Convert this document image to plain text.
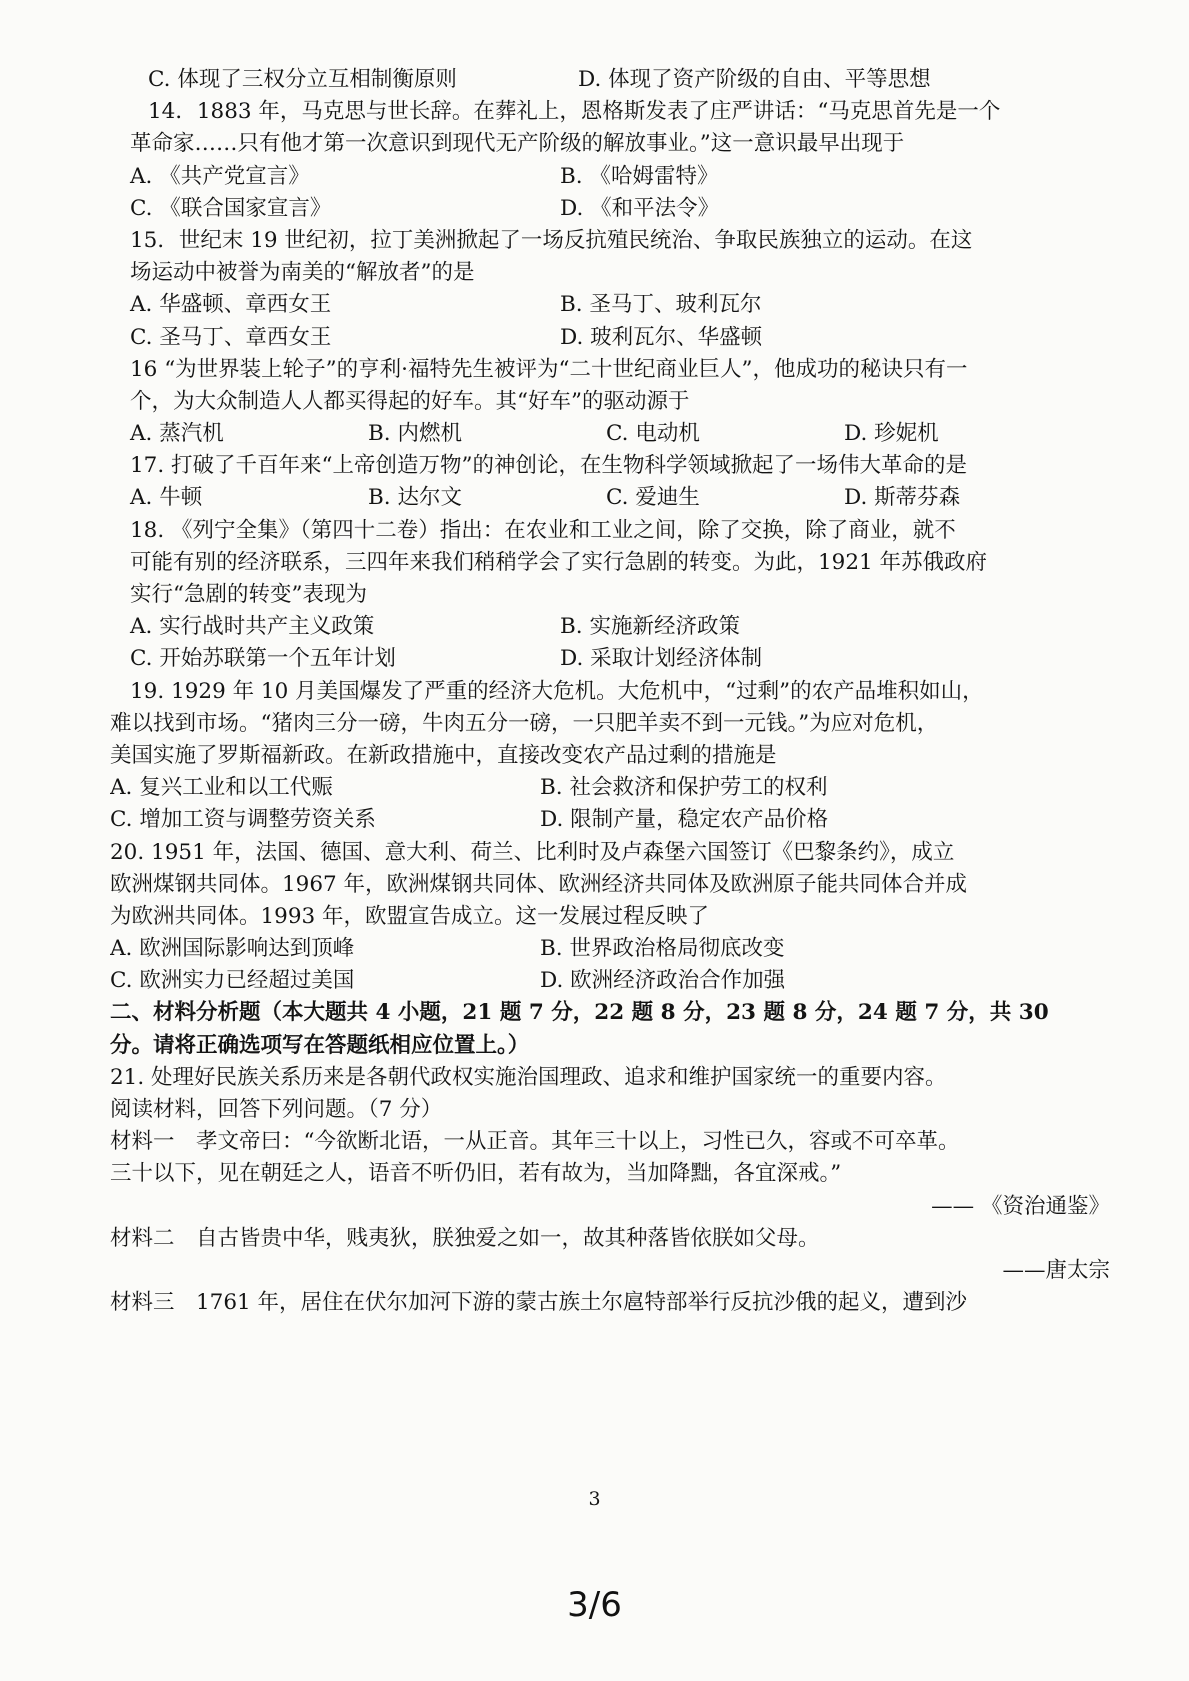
C. 体现了三权分立互相制衡原则	D. 体现了资产阶级的自由、平等思想
14．1883 年，马克思与世长辞。在葬礼上，恩格斯发表了庄严讲话：“马克思首先是一个
革命家……只有他才第一次意识到现代无产阶级的解放事业。”这一意识最早出现于
A. 《共产党宣言》	B. 《哈姆雷特》
C. 《联合国家宣言》	D. 《和平法令》
15．世纪末 19 世纪初，拉丁美洲掀起了一场反抗殖民统治、争取民族独立的运动。在这
场运动中被誉为南美的“解放者”的是
A. 华盛顿、章西女王	B. 圣马丁、玻利瓦尔
C. 圣马丁、章西女王	D. 玻利瓦尔、华盛顿
16 “为世界装上轮子”的亨利·福特先生被评为“二十世纪商业巨人”，他成功的秘诀只有一
个，为大众制造人人都买得起的好车。其“好车”的驱动源于
A. 蒸汽机	B. 内燃机	C. 电动机	D. 珍妮机
17. 打破了千百年来“上帝创造万物”的神创论，在生物科学领域掀起了一场伟大革命的是
A. 牛顿	B. 达尔文	C. 爱迪生	D. 斯蒂芬森
18. 《列宁全集》（第四十二卷）指出：在农业和工业之间，除了交换，除了商业，就不
可能有别的经济联系，三四年来我们稍稍学会了实行急剧的转变。为此，1921 年苏俄政府
实行“急剧的转变”表现为
A. 实行战时共产主义政策	B. 实施新经济政策
C. 开始苏联第一个五年计划	D. 采取计划经济体制
19. 1929 年 10 月美国爆发了严重的经济大危机。大危机中，“过剩”的农产品堆积如山，
难以找到市场。“猪肉三分一磅，牛肉五分一磅，一只肥羊卖不到一元钱。”为应对危机，
美国实施了罗斯福新政。在新政措施中，直接改变农产品过剩的措施是
A. 复兴工业和以工代赈	B. 社会救济和保护劳工的权利
C. 增加工资与调整劳资关系	D. 限制产量，稳定农产品价格
20. 1951 年，法国、德国、意大利、荷兰、比利时及卢森堡六国签订《巴黎条约》，成立
欧洲煤钢共同体。1967 年，欧洲煤钢共同体、欧洲经济共同体及欧洲原子能共同体合并成
为欧洲共同体。1993 年，欧盟宣告成立。这一发展过程反映了
A. 欧洲国际影响达到顶峰	B. 世界政治格局彻底改变
C. 欧洲实力已经超过美国	D. 欧洲经济政治合作加强
二、材料分析题（本大题共 4 小题，21 题 7 分，22 题 8 分，23 题 8 分，24 题 7 分，共 30
分。请将正确选项写在答题纸相应位置上。）
21. 处理好民族关系历来是各朝代政权实施治国理政、追求和维护国家统一的重要内容。
阅读材料，回答下列问题。（7 分）
材料一　孝文帝曰：“今欲断北语，一从正音。其年三十以上，习性已久，容或不可卒革。
三十以下，见在朝廷之人，语音不听仍旧，若有故为，当加降黜，各宜深戒。”
—— 《资治通鉴》
材料二　自古皆贵中华，贱夷狄，朕独爱之如一，故其种落皆依朕如父母。
——唐太宗
材料三　1761 年，居住在伏尔加河下游的蒙古族土尔扈特部举行反抗沙俄的起义，遭到沙
3
3/6
